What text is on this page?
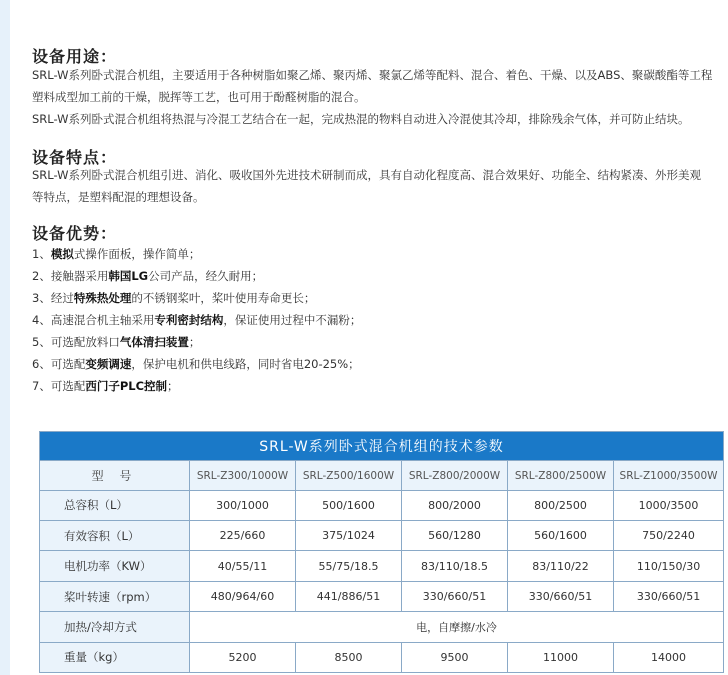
设备用途：
SRL-W系列卧式混合机组，主要适用于各种树脂如聚乙烯、聚丙烯、聚氯乙烯等配料、混合、着色、干燥、以及ABS、聚碳酸酯等工程
塑料成型加工前的干燥，脱挥等工艺，也可用于酚醛树脂的混合。
SRL-W系列卧式混合机组将热混与冷混工艺结合在一起，完成热混的物料自动进入冷混使其冷却，排除残余气体，并可防止结块。
设备特点：
SRL-W系列卧式混合机组引进、消化、吸收国外先进技术研制而成，具有自动化程度高、混合效果好、功能全、结构紧凑、外形美观
等特点，是塑料配混的理想设备。
设备优势：
1、模拟式操作面板，操作简单；
2、接触器采用韩国LG公司产品，经久耐用；
3、经过特殊热处理的不锈钢桨叶，桨叶使用寿命更长；
4、高速混合机主轴采用专利密封结构，保证使用过程中不漏粉；
5、可选配放料口气体清扫装置；
6、可选配变频调速，保护电机和供电线路，同时省电20-25%；
7、可选配西门子PLC控制；
SRL-W系列卧式混合机组的技术参数					
型 号	SRL-Z300/1000W	SRL-Z500/1600W	SRL-Z800/2000W	SRL-Z800/2500W	SRL-Z1000/3500W
总容积（L）	300/1000	500/1600	800/2000	800/2500	1000/3500
有效容积（L）	225/660	375/1024	560/1280	560/1600	750/2240
电机功率（KW）	40/55/11	55/75/18.5	83/110/18.5	83/110/22	110/150/30
桨叶转速（rpm）	480/964/60	441/886/51	330/660/51	330/660/51	330/660/51
加热/冷却方式	电，自摩擦/水冷				
重量（kg）	5200	8500	9500	11000	14000
